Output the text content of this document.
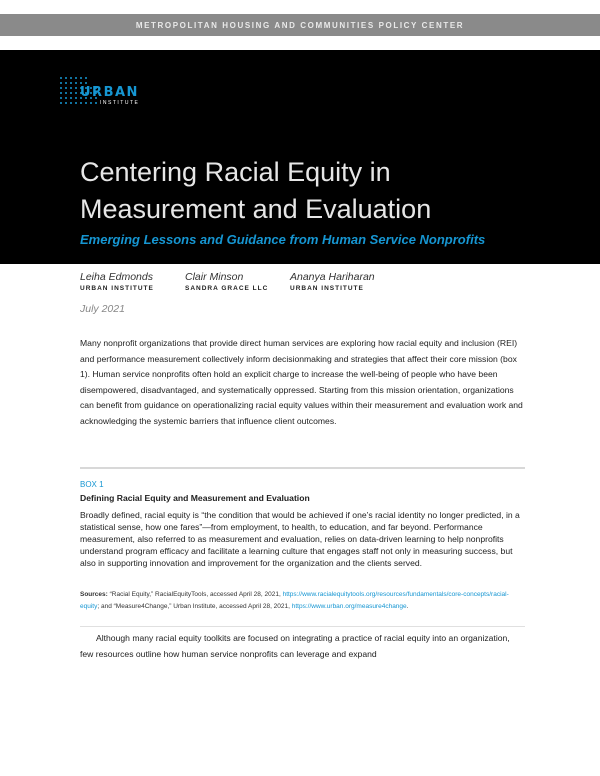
METROPOLITAN HOUSING AND COMMUNITIES POLICY CENTER
URBAN
INSTITUTE
Centering Racial Equity in
Measurement and Evaluation

Emerging Lessons and Guidance from Human Service Nonprofits

Leiha Edmonds
URBAN INSTITUTE
Clair Minson
SANDRA GRACE LLC
Ananya Hariharan
URBAN INSTITUTE
July 2021

Many nonprofit organizations that provide direct human services are exploring how racial equity and inclusion (REI) and performance measurement collectively inform decisionmaking and strategies that affect their core mission (box 1). Human service nonprofits often hold an explicit charge to increase the well-being of people who have been disempowered, disadvantaged, and systematically oppressed. Starting from this mission orientation, organizations can benefit from guidance on operationalizing racial equity values within their measurement and evaluation work and acknowledging the systemic barriers that influence client outcomes.

BOX 1
Defining Racial Equity and Measurement and Evaluation

Broadly defined, racial equity is “the condition that would be achieved if one’s racial identity no longer predicted, in a statistical sense, how one fares”—from employment, to health, to education, and far beyond. Performance measurement, also referred to as measurement and evaluation, relies on data-driven learning to help nonprofits understand program efficacy and facilitate a learning culture that engages staff not only in measuring success, but also in supporting innovation and improvement for the organization and the clients served.

Sources: “Racial Equity,” RacialEquityTools, accessed April 28, 2021, https://www.racialequitytools.org/resources/fundamentals/core-concepts/racial-equity; and “Measure4Change,” Urban Institute, accessed April 28, 2021, https://www.urban.org/measure4change.

Although many racial equity toolkits are focused on integrating a practice of racial equity into an organization, few resources outline how human service nonprofits can leverage and expand
